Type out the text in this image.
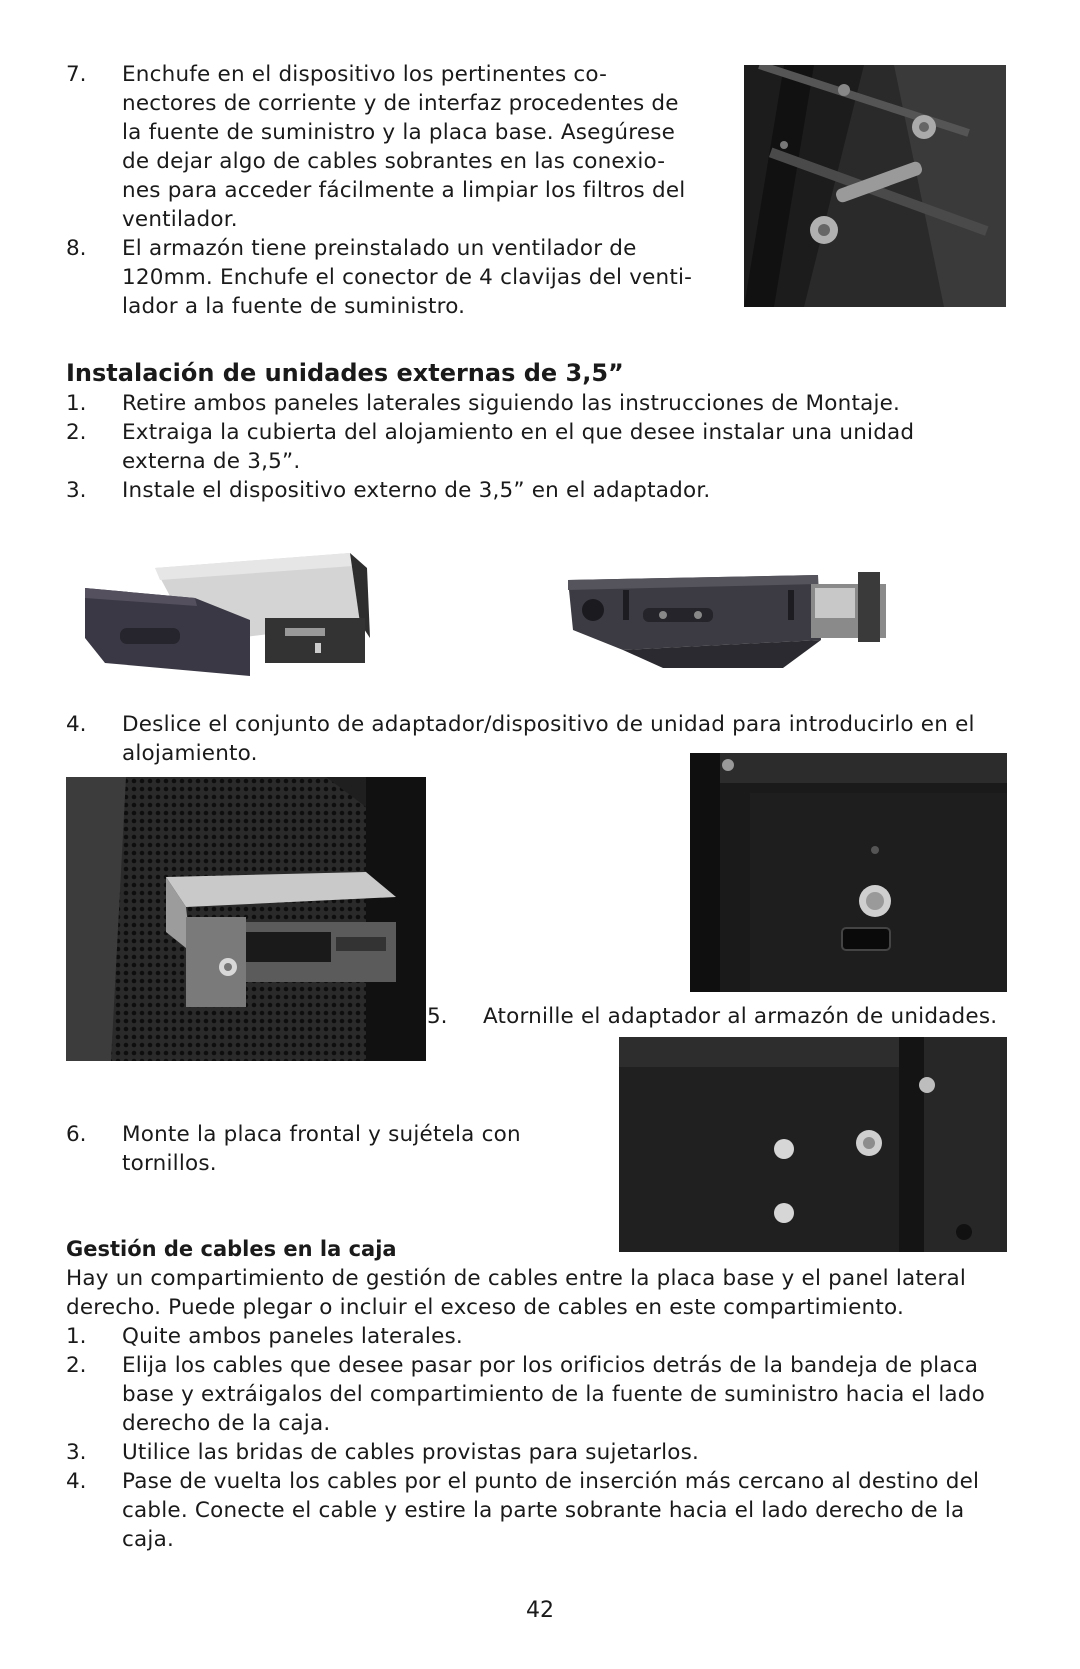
7. Enchufe en el dispositivo los pertinentes co-
nectores de corriente y de interfaz procedentes de
la fuente de suministro y la placa base. Asegúrese
de dejar algo de cables sobrantes en las conexio-
nes para acceder fácilmente a limpiar los filtros del
ventilador.
8. El armazón tiene preinstalado un ventilador de
120mm. Enchufe el conector de 4 clavijas del venti-
lador a la fuente de suministro.
Instalación de unidades externas de 3,5”
1. Retire ambos paneles laterales siguiendo las instrucciones de Montaje.
2. Extraiga la cubierta del alojamiento en el que desee instalar una unidad
externa de 3,5”.
3. Instale el dispositivo externo de 3,5” en el adaptador.
4. Deslice el conjunto de adaptador/dispositivo de unidad para introducirlo en el
alojamiento.
5. Atornille el adaptador al armazón de unidades.
6. Monte la placa frontal y sujétela con
tornillos.
Gestión de cables en la caja
Hay un compartimiento de gestión de cables entre la placa base y el panel lateral
derecho. Puede plegar o incluir el exceso de cables en este compartimiento.
1. Quite ambos paneles laterales.
2. Elija los cables que desee pasar por los orificios detrás de la bandeja de placa
base y extráigalos del compartimiento de la fuente de suministro hacia el lado
derecho de la caja.
3. Utilice las bridas de cables provistas para sujetarlos.
4. Pase de vuelta los cables por el punto de inserción más cercano al destino del
cable. Conecte el cable y estire la parte sobrante hacia el lado derecho de la
caja.
42
